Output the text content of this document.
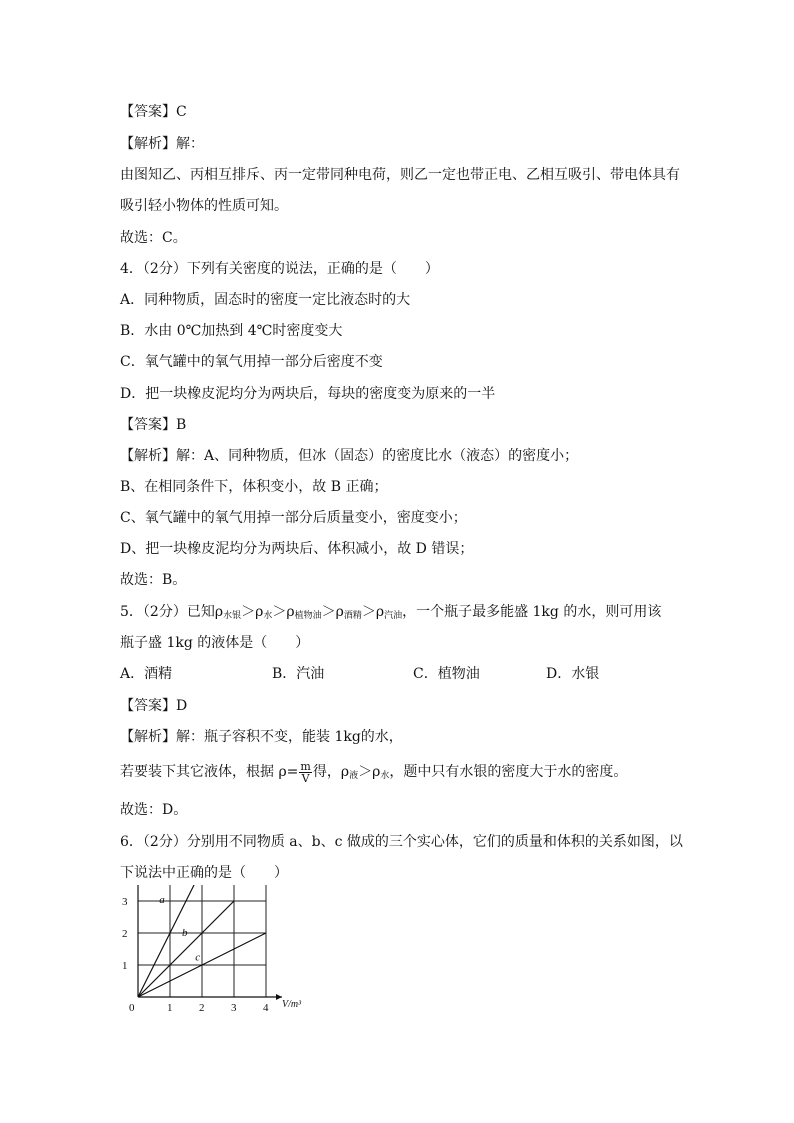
【答案】C
【解析】解：
由图知乙、丙相互排斥、丙一定带同种电荷，则乙一定也带正电、乙相互吸引、带电体具有
吸引轻小物体的性质可知。
故选：C。
4．（2分）下列有关密度的说法，正确的是（　　）
A．同种物质，固态时的密度一定比液态时的大
B．水由 0℃加热到 4℃时密度变大
C．氧气罐中的氧气用掉一部分后密度不变
D．把一块橡皮泥均分为两块后，每块的密度变为原来的一半
【答案】B
【解析】解：A、同种物质，但冰（固态）的密度比水（液态）的密度小；
B、在相同条件下，体积变小，故 B 正确；
C、氧气罐中的氧气用掉一部分后质量变小，密度变小；
D、把一块橡皮泥均分为两块后、体积减小，故 D 错误；
故选：B。
5．（2分）已知$\rho_{水银}>\rho_水>\rho_{植物油}>\rho_{酒精}>\rho_{汽油}$，一个瓶子最多能盛 1kg 的水，则可用该
瓶子盛 1kg 的液体是（　　）
A．酒精	B．汽油	C．植物油	D．水银
【答案】D
【解析】解：瓶子容积不变，能装 1kg的水，
若要装下其它液体，根据 $\rho= \frac{m}{V}$ 得，$\rho_液>\rho_水$，题中只有水银的密度大于水的密度。
故选：D。
6．（2分）分别用不同物质 a、b、c 做成的三个实心体，它们的质量和体积的关系如图，以
下说法中正确的是（　　）
a
b
c
0	1 2 3 4
1
2
3
V/m³
